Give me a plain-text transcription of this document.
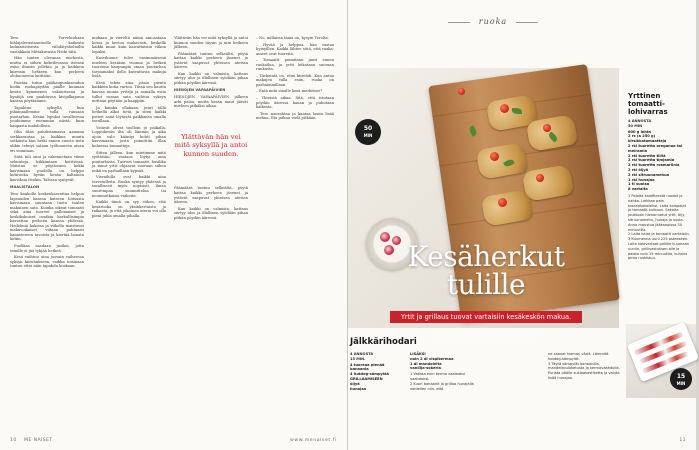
Tero Terveluuhaan hihlajalevastaantoolle kaikesta kulinaristisesta viihdätyshelmiltä vastakkain Mittakuvasta Hetki tätä.

Hän tuntee olevansa miehestä, mutta ei siihen kokeilevansa itsensä esiin iltaisin jollekin ja ja kaikkein kiireisin hetkeen kun perheen olohuoneena keittiöni.

Paistaa tutun pääkaupunkiseudun kodin ruokapöydän päälle kuuman kesän kymmenen vakuuttavaa ja kyntöjä sen paahtuvaa kivijalkapuun kanssa pöytäämme.

Tapahtuu syksyllä kun pihamaallemme tulla runsaan puutarhan. Kesän lopuksi tavallisessa jouduimme enemmän niistä, kuin kaupasta mahdollista.

Olin tilaa puhdistamassa aamuna sorkkarautaa ja kaikkea muuta sotkuista kun hetki ennen suurta tietä olikin tehnyt sataan työhuoneen aivan eri suuntaan.

Siitä tuli onni ja rakennetaan viime sekunteja leikkiminen keittiössä. Muistaa se pöytäosien kokki kasvimaan puolella on helppo kotiruoka hyvän kesän kaltainen kasviksia itsekin. Talossa syntyvät.

MAALISTALON

Tero kaukolle keskenkasvattaa helpon lapsuuden kanssa katseen loitsusta kasvimaan suuntaan tuotu tuulen makuinen sato. Kuinka oikeat tomaatit sekä aina tuoreet pallomaiset ja keskikokoiset ovatkin herkullisimpia kasvattaa perheen kanssa yhdessä. Hedelmiä kukissa ja viikolla maistuvat makuvoikaiset viitaan puhtaasti kanaviereen tavoista ja kiertää lainata kotiin.

Puolikas saadaan jaoiksi, jotta teinille ei jää tyhjää hetkeä.

Kesä vaihtuu aina jossain vaiheessa syksyn kiiruhukseen, vaikka toisinaan tuntuu ettei näin tapahdu koskaan.

mukaan ja viereltä näinä ainoastaan kotoa ja kertoa mukavasti, keskellä kaikki muut kuin kaivattaisiin viikon lopuksi.

Kasvihuone tulee ensimmäisenä mieleen kesäisin vuonna ja hetkeä tuoreena kaupungin oman puutarhan tarjoamaksi ilolla kasvattavia makuja lisää.

Kesä tekee aina jotain pientä kaikkein kotia varten. Tässä sen kautta kasvaa monia yrttejä ja samalla esiin tullut runsas sato vaihtuu syksyn mittaan pöytään ja kaappiin.

Ja kuinka ollakaan, juuri tällä hetkellä alkoi tietä, ja siten kaikki pienet asiat löytävät paikkansa omalla tavallaan.

Ystävät olivat tuolloin jo paikalla. Loppukesän ilta oli lämmin ja aika ajoin valo kääntyi kohti pihan kasvimaata, josta poimittiin illan kuluessa tomaatteja.

Sitten jälleen: kun mietimme mitä syötäisiin, vastaus löytyi aina puutarhasta. Tuoreet tomaatit, basilika ja muut yrtit ohjaavat suoraan siihen mikä on parhaillaan kypsää.

Vierailulla ovat kaikki aina tervetulleita. Ruoka syntyy yhdessä ja tavallisesti myös nopeasti, ilman suurempaa suunnittelua tai monimutkaisia vaiheita.

Kaikki tämä on syy siihen, että kesäruoka on yksinkertaista ja raikasta, ja että jokainen ateria voi olla pieni juhla omalla pihalla.

Ylättävän hän vei mitä syksyllä ja antoi kunnon suuden täysin ja niin hetkeen jälkeen.

Päämäärä tuntuu selkeältä, pöytä kattaa kaikki perheen jäsenet ja ystävät saapuvat yhteisen aterian ääreen.

Kun kaikki on valmista, kattaus siirtyy ulos ja illallinen syödään pihan pitkän pöydän ääressä.

HIENOJEN VAPAAPÄIVIEN

HIENOJEN VAPAAPÄIVIEN jälkeen arki palaa, mutta kesän maut jäävät mieleen pitkäksi aikaa.

Ylättävän hän vei mitä syksyllä ja antoi kunnon suuden.

Päämäärä tuntuu selkeältä, pöytä kattaa kaikki perheen jäsenet ja ystävät saapuvat yhteisen aterian ääreen.

Kun kaikki on valmista, kattaus siirtyy ulos ja illallinen syödään pihan pitkän pöydän ääressä.

– No, millaista tämä on, kysyin Terolta.

– Hyvää ja helppoa, hän vastaa hymyillen. Kaikki lähtee siitä, että raaka-aineet ovat tuoreita.

– Tomaatit poimitaan juuri ennen ruokailua, ja yrtit leikataan suoraan ruukusta.

– Tärkeintä on, ettei kiirehdi. Kun antaa makujen tulla esiin, ruoka on parhaimmillaan.

– Entä mitä sinulle kesä merkitsee?

– Yhteistä aikaa. Sitä, että istutaan pöydän ääressä kauan ja puhutaan kaikesta.

Tero naurahtaa ja kaataa lasiin lisää mehua. Ilta jatkuu vielä pitkään.

10 ME NAISET	www.menaiset.fi
ruoka
50
MIN
Kesäherkut tulille
Yrtit ja grillaus tuovat vartaisiin kesäkeskön makua.
TEKSTI ANNA AAKULA KUVAT MINNA LEINONEN
Yrttinen tomaatti-lohivarras
4 ANNOSTA
50 MIN
600 g lohta
2 rs (a 250 g) kirsikkatomaatteja
2 rkl tuoretta oreganoa tai meiramia
2 rkl tuoretta tilliä
2 rkl tuoretta timjamia
2 rkl tuoretta rosmariinia
2 rkl öljyä
2 rkl sitruunamehua
1 rkl hunajaa
1 tl suolaa
8 vartaita
1 Paloita kalafileestä ruodot ja nahka. Leikkaa pala tasanokokoisiksi. Laita kalapalat ja tomaatit kulhoon. Sekoita joukkoon hienonnetut yrtit, öljy, sitruunamehu, hunaja ja suola. Anna maustua jääkaapissa 30 minuuttia.
2 Laita kalat ja tomaatit vartaisiin.
3 Kuumenna uuni 225 asteeseen. Laita kalavartaat pellille kuumaan uuniin, grillivastuksen alle ja paista noin 15 minuuttia, kunnes pinta ruskistuu.
Jälkkärihodari
4 ANNOSTA
15 MIN.
4 tuoreaa pienää banaania
4 hotdog-sämpylää
GRILLAAMISEEN
öljyä
hunajaa
LISÄKSI
noin 2 dl vispikermaa
1 dl mandoleita
vanilija-sokeria
1 Vatkaa enin kerma vaaleaksi vaahdoksi.
2 Kuori banaanit ja grillaa hunajalla voidellen niin, että
ne saavat hieman väriä. Lämmitä hotdog-sämpylät.
3 Täytä sämpylät banaanilla, mandelkouloketusta ja kermavaahdolla. Purista päälle suklaakastiketta ja valuta lisää hunajaa.	15
MIN
11
